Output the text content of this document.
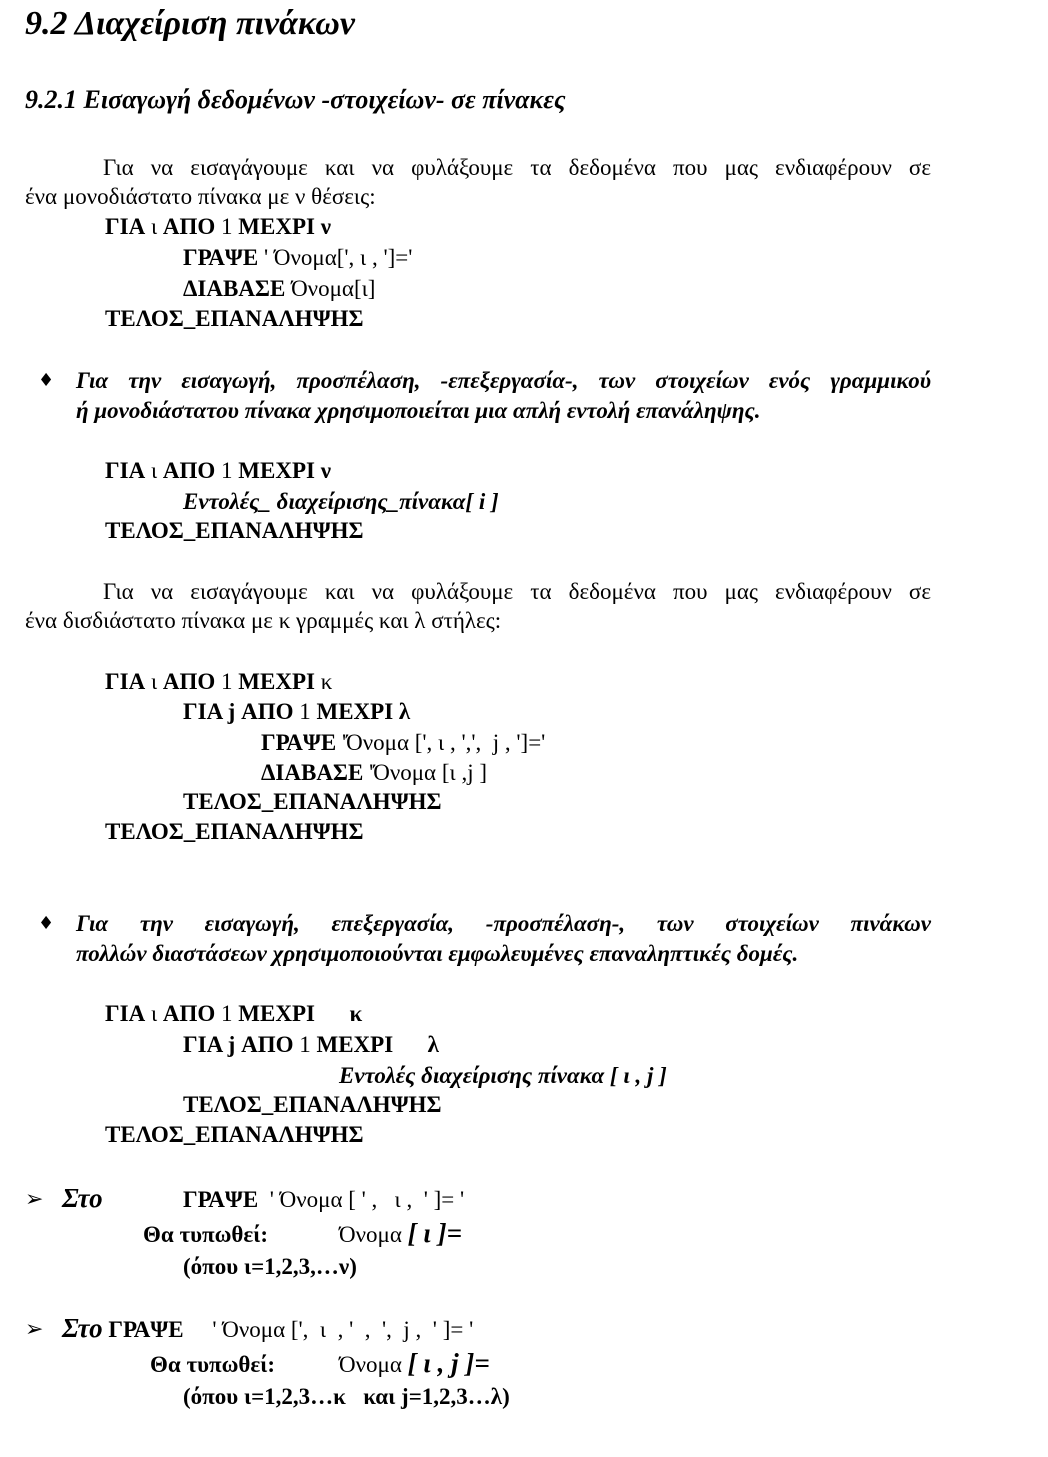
9.2 Διαχείριση πινάκων
9.2.1 Εισαγωγή δεδομένων -στοιχείων- σε πίνακες
Για να εισαγάγουμε και να φυλάξουμε τα δεδομένα που μας ενδιαφέρουν σε
ένα μονοδιάστατο πίνακα με ν θέσεις:
ΓΙΑ ι ΑΠΟ 1 ΜΕΧΡΙ ν
ΓΡΑΨΕ ' Όνομα[', ι , ']='
ΔΙΑΒΑΣΕ Όνομα[ι]
ΤΕΛΟΣ_ΕΠΑΝΑΛΗΨΗΣ
♦ Για την εισαγωγή, προσπέλαση, -επεξεργασία-, των στοιχείων ενός γραμμικού
ή μονοδιάστατου πίνακα χρησιμοποιείται μια απλή εντολή επανάληψης.
ΓΙΑ ι ΑΠΟ 1 ΜΕΧΡΙ ν
Εντολές_ διαχείρισης_πίνακα[ i ]
ΤΕΛΟΣ_ΕΠΑΝΑΛΗΨΗΣ
Για να εισαγάγουμε και να φυλάξουμε τα δεδομένα που μας ενδιαφέρουν σε
ένα δισδιάστατο πίνακα με κ γραμμές και λ στήλες:
ΓΙΑ ι ΑΠΟ 1 ΜΕΧΡΙ κ
ΓΙΑ j ΑΠΟ 1 ΜΕΧΡΙ λ
ΓΡΑΨΕ 'Όνομα [', ι , ',',  j , ']='
ΔΙΑΒΑΣΕ 'Όνομα [ι ,j ]
ΤΕΛΟΣ_ΕΠΑΝΑΛΗΨΗΣ
ΤΕΛΟΣ_ΕΠΑΝΑΛΗΨΗΣ
♦ Για την εισαγωγή, επεξεργασία, -προσπέλαση-, των στοιχείων πινάκων
πολλών διαστάσεων χρησιμοποιούνται εμφωλευμένες επαναληπτικές δομές.
ΓΙΑ ι ΑΠΟ 1 ΜΕΧΡΙ      κ
ΓΙΑ j ΑΠΟ 1 ΜΕΧΡΙ      λ
Εντολές διαχείρισης πίνακα [ ι , j ]
ΤΕΛΟΣ_ΕΠΑΝΑΛΗΨΗΣ
ΤΕΛΟΣ_ΕΠΑΝΑΛΗΨΗΣ
➢ Στο	ΓΡΑΨΕ  ' Όνομα [ ' ,   ι ,  ' ]= '
Θα τυπωθεί:	Όνομα [ ι ]=
(όπου ι=1,2,3,…ν)
➢ Στο ΓΡΑΨΕ     ' Όνομα [',  ι  , '  ,  ',  j ,  ' ]= '
Θα τυπωθεί:	Όνομα [ ι , j ]=
(όπου ι=1,2,3…κ   και j=1,2,3…λ)
